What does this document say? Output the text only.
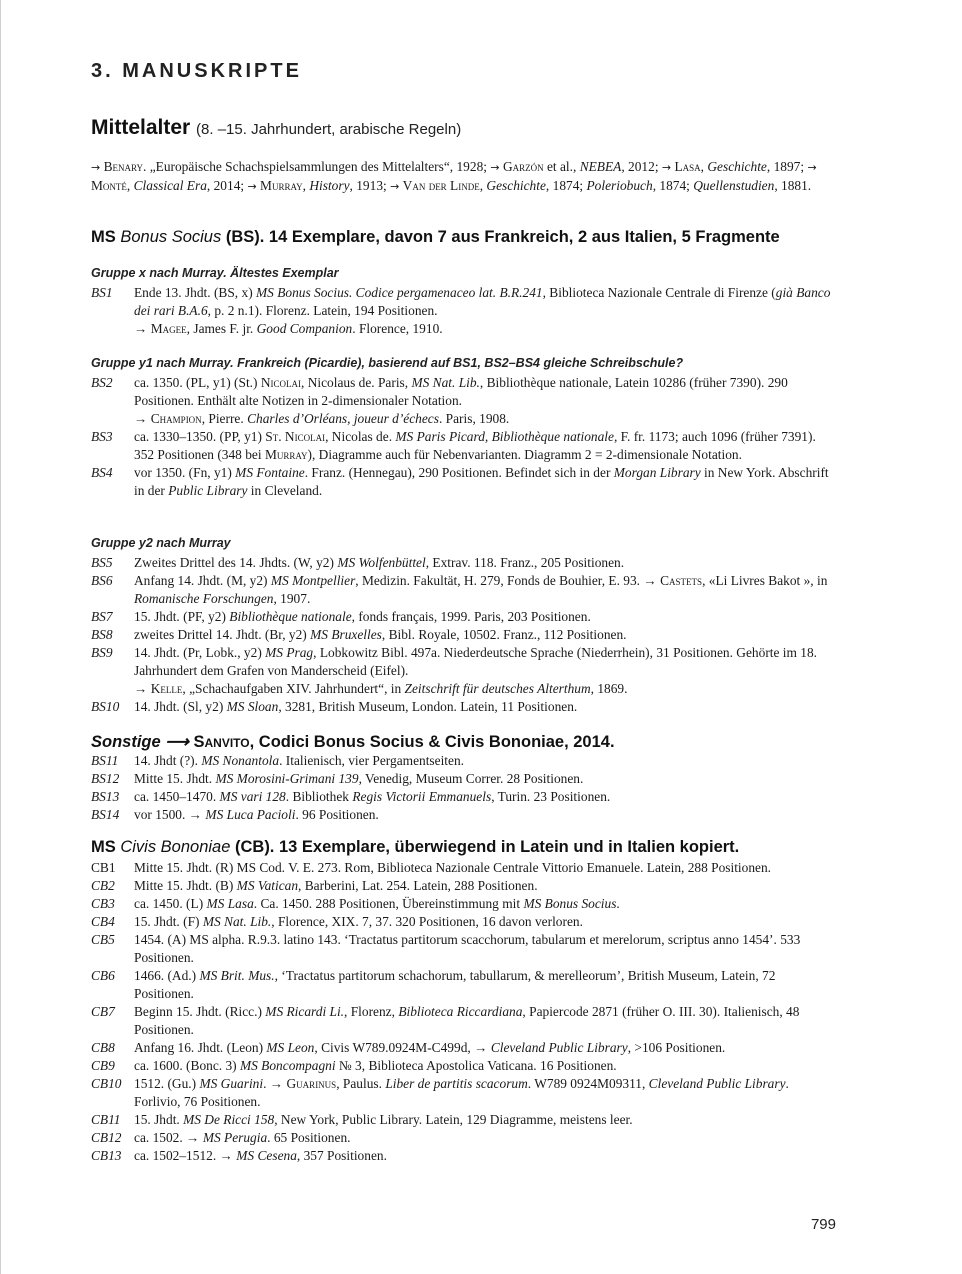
3. MANUSKRIPTE
Mittelalter (8. –15. Jahrhundert, arabische Regeln)
→ Benary. „Europäische Schachspielsammlungen des Mittelalters“, 1928; → Garzón et al., NEBEA, 2012; → Lasa, Geschichte, 1897; → Monté, Classical Era, 2014; → Murray, History, 1913; → Van der Linde, Geschichte, 1874; Poleriobuch, 1874; Quellenstudien, 1881.
MS Bonus Socius (BS). 14 Exemplare, davon 7 aus Frankreich, 2 aus Italien, 5 Fragmente
Gruppe x nach Murray. Ältestes Exemplar
BS1 Ende 13. Jhdt. (BS, x) MS Bonus Socius. Codice pergamenaceo lat. B.R.241, Biblioteca Nazionale Centrale di Firenze (già Banco dei rari B.A.6, p. 2 n.1). Florenz. Latein, 194 Positionen.
→ Magee, James F. jr. Good Companion. Florence, 1910.
Gruppe y1 nach Murray. Frankreich (Picardie), basierend auf BS1, BS2–BS4 gleiche Schreibschule?
BS2 ca. 1350. (PL, y1) (St.) Nicolai, Nicolaus de. Paris, MS Nat. Lib., Bibliothèque nationale, Latein 10286 (früher 7390). 290 Positionen. Enthält alte Notizen in 2-dimensionaler Notation.
→ Champion, Pierre. Charles d’Orléans, joueur d’échecs. Paris, 1908.
BS3 ca. 1330–1350. (PP, y1) St. Nicolai, Nicolas de. MS Paris Picard, Bibliothèque nationale, F. fr. 1173; auch 1096 (früher 7391). 352 Positionen (348 bei Murray), Diagramme auch für Nebenvarianten. Diagramm 2 = 2-dimensionale Notation.
BS4 vor 1350. (Fn, y1) MS Fontaine. Franz. (Hennegau), 290 Positionen. Befindet sich in der Morgan Library in New York. Abschrift in der Public Library in Cleveland.
Gruppe y2 nach Murray
BS5 Zweites Drittel des 14. Jhdts. (W, y2) MS Wolfenbüttel, Extrav. 118. Franz., 205 Positionen.
BS6 Anfang 14. Jhdt. (M, y2) MS Montpellier, Medizin. Fakultät, H. 279, Fonds de Bouhier, E. 93. → Castets, «Li Livres Bakot », in Romanische Forschungen, 1907.
BS7 15. Jhdt. (PF, y2) Bibliothèque nationale, fonds français, 1999. Paris, 203 Positionen.
BS8 zweites Drittel 14. Jhdt. (Br, y2) MS Bruxelles, Bibl. Royale, 10502. Franz., 112 Positionen.
BS9 14. Jhdt. (Pr, Lobk., y2) MS Prag, Lobkowitz Bibl. 497a. Niederdeutsche Sprache (Niederrhein), 31 Positionen. Gehörte im 18. Jahrhundert dem Grafen von Manderscheid (Eifel).
→ Kelle, „Schachaufgaben XIV. Jahrhundert“, in Zeitschrift für deutsches Alterthum, 1869.
BS10 14. Jhdt. (Sl, y2) MS Sloan, 3281, British Museum, London. Latein, 11 Positionen.
Sonstige ⟶ Sanvito, Codici Bonus Socius & Civis Bononiae, 2014.
BS11 14. Jhdt (?). MS Nonantola. Italienisch, vier Pergamentseiten.
BS12 Mitte 15. Jhdt. MS Morosini-Grimani 139, Venedig, Museum Correr. 28 Positionen.
BS13 ca. 1450–1470. MS vari 128. Bibliothek Regis Victorii Emmanuels, Turin. 23 Positionen.
BS14 vor 1500. → MS Luca Pacioli. 96 Positionen.
MS Civis Bononiae (CB). 13 Exemplare, überwiegend in Latein und in Italien kopiert.
CB1 Mitte 15. Jhdt. (R) MS Cod. V. E. 273. Rom, Biblioteca Nazionale Centrale Vittorio Emanuele. Latein, 288 Positionen.
CB2 Mitte 15. Jhdt. (B) MS Vatican, Barberini, Lat. 254. Latein, 288 Positionen.
CB3 ca. 1450. (L) MS Lasa. Ca. 1450. 288 Positionen, Übereinstimmung mit MS Bonus Socius.
CB4 15. Jhdt. (F) MS Nat. Lib., Florence, XIX. 7, 37. 320 Positionen, 16 davon verloren.
CB5 1454. (A) MS alpha. R.9.3. latino 143. ‘Tractatus partitorum scacchorum, tabularum et merelorum, scriptus anno 1454’. 533 Positionen.
CB6 1466. (Ad.) MS Brit. Mus., ‘Tractatus partitorum schachorum, tabullarum, & merelleorum’, British Museum, Latein, 72 Positionen.
CB7 Beginn 15. Jhdt. (Ricc.) MS Ricardi Li., Florenz, Biblioteca Riccardiana, Papiercode 2871 (früher O. III. 30). Italienisch, 48 Positionen.
CB8 Anfang 16. Jhdt. (Leon) MS Leon, Civis W789.0924M-C499d, → Cleveland Public Library, >106 Positionen.
CB9 ca. 1600. (Bonc. 3) MS Boncompagni № 3, Biblioteca Apostolica Vaticana. 16 Positionen.
CB10 1512. (Gu.) MS Guarini. → Guarinus, Paulus. Liber de partitis scacorum. W789 0924M09311, Cleveland Public Library. Forlivio, 76 Positionen.
CB11 15. Jhdt. MS De Ricci 158, New York, Public Library. Latein, 129 Diagramme, meistens leer.
CB12 ca. 1502. → MS Perugia. 65 Positionen.
CB13 ca. 1502–1512. → MS Cesena, 357 Positionen.
799
